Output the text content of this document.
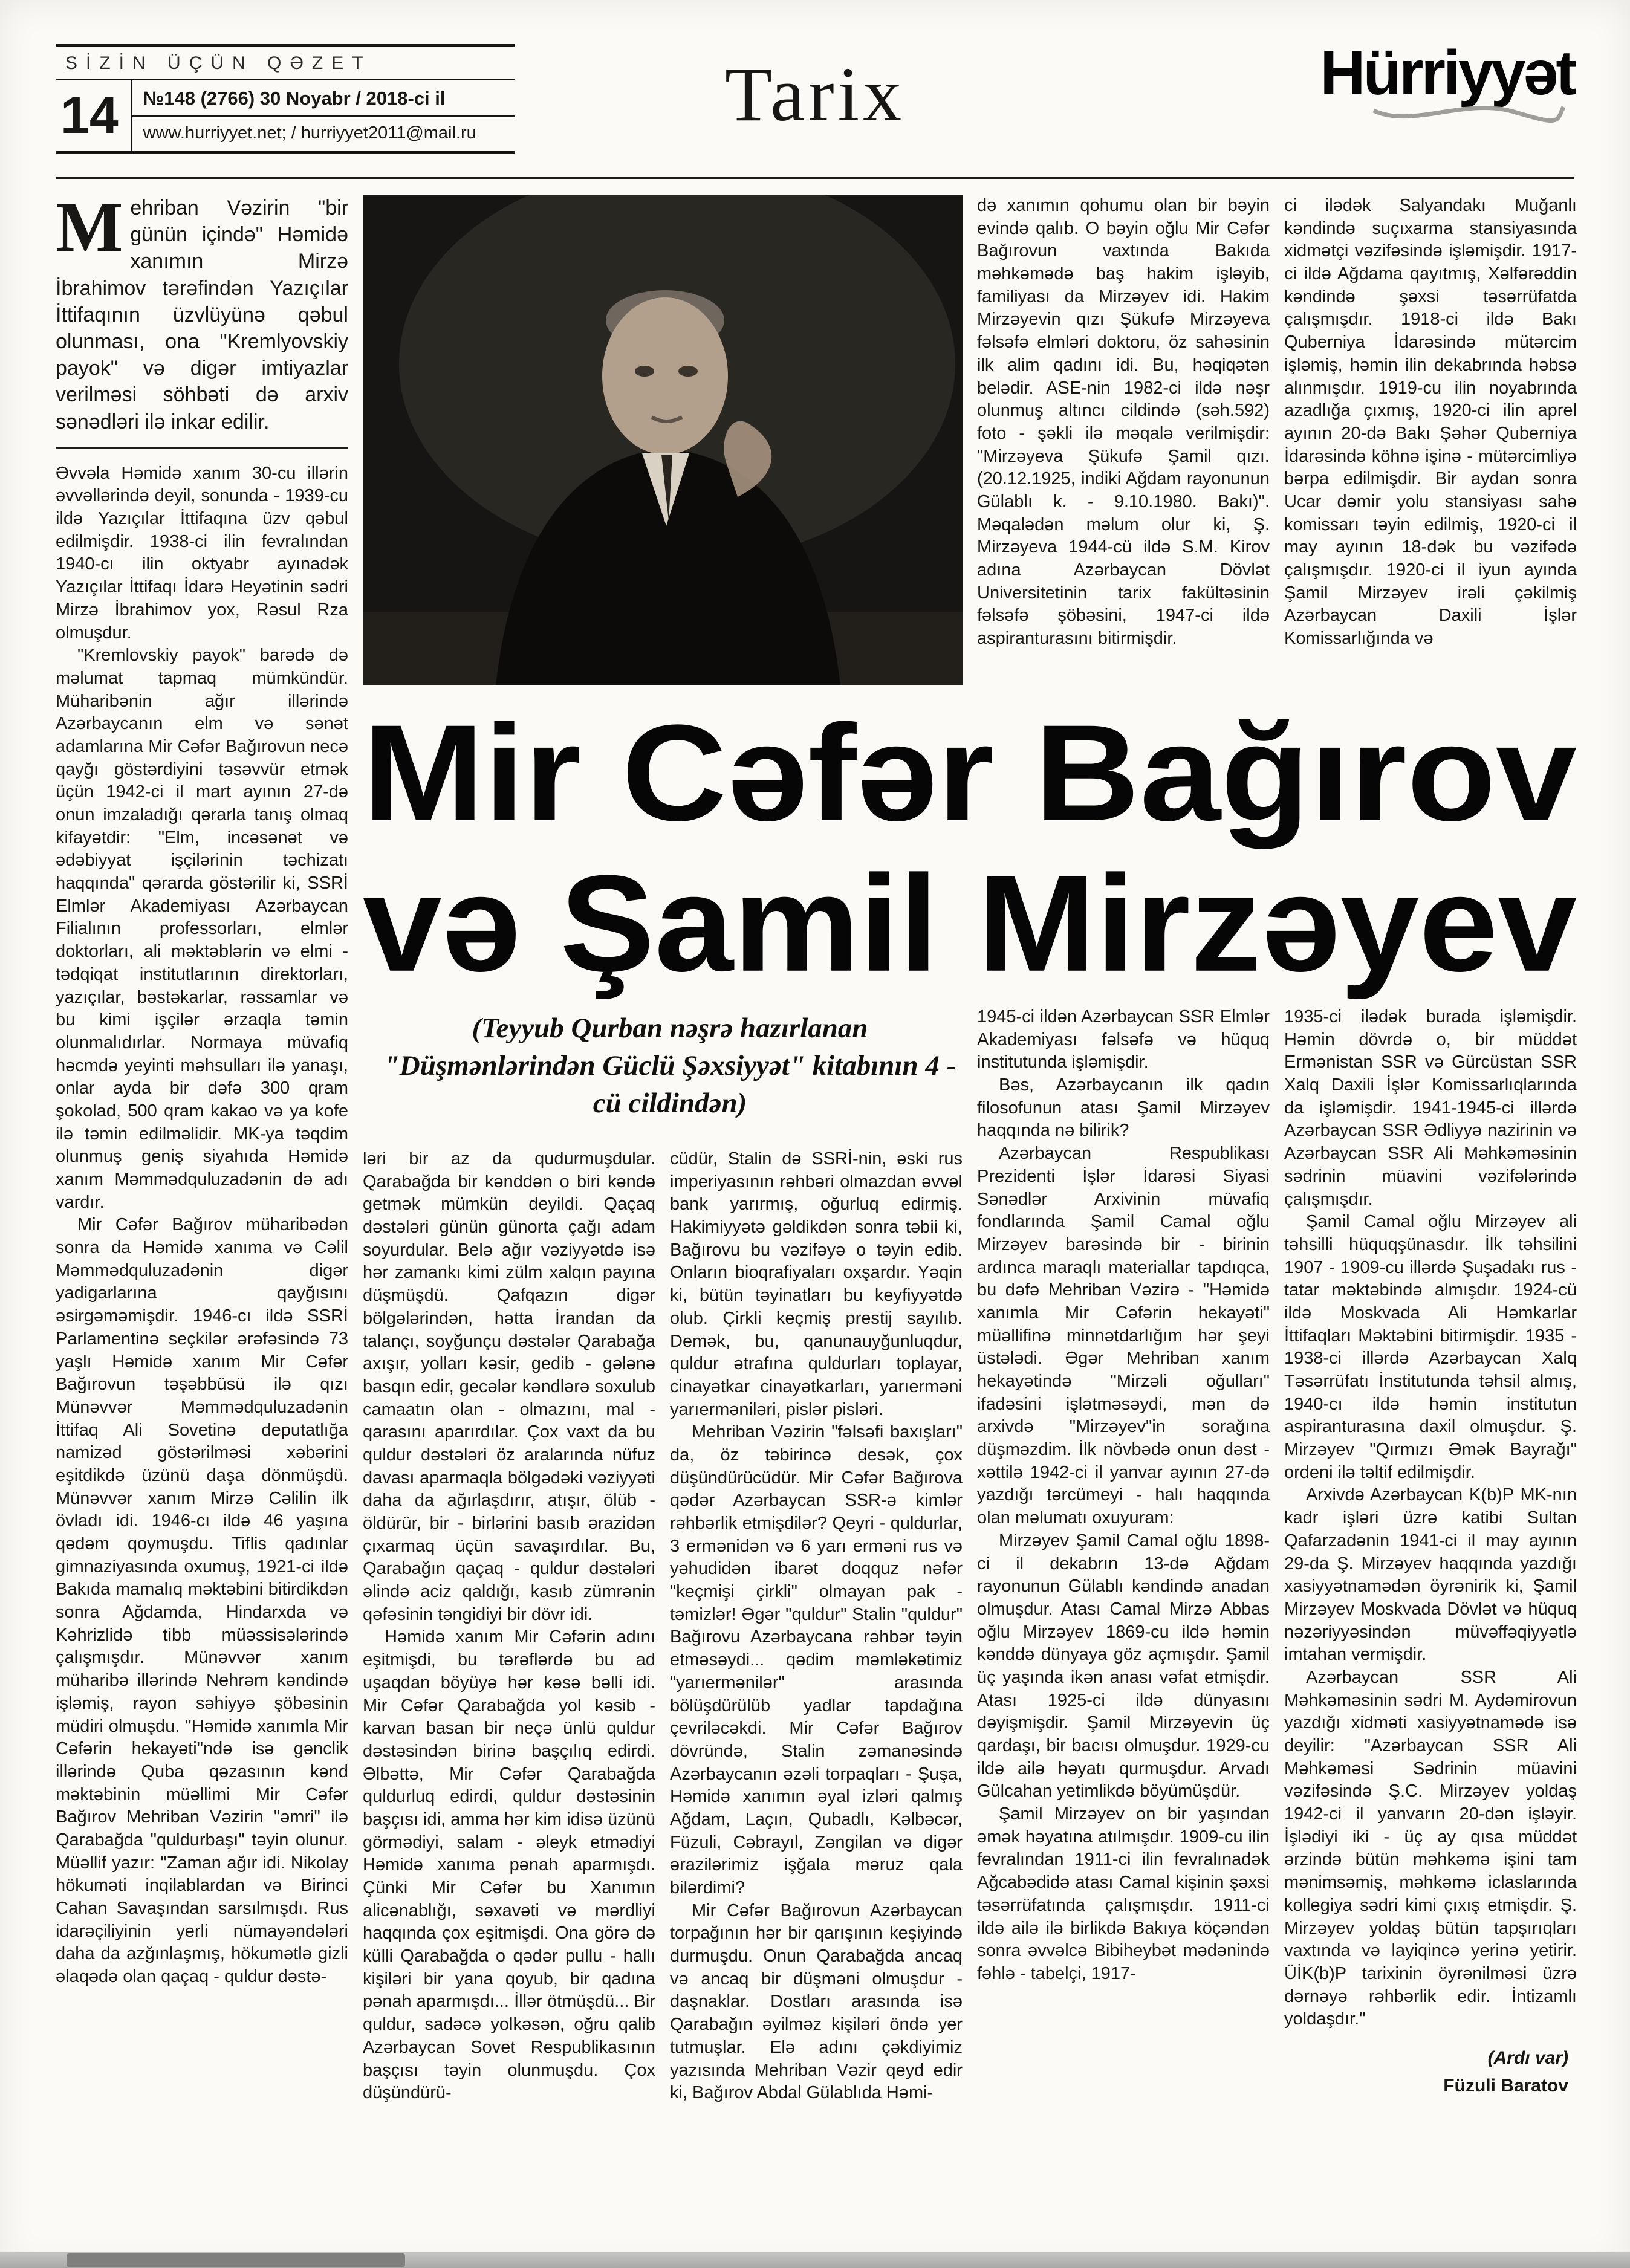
SİZİN ÜÇÜN QƏZET
14	№148 (2766) 30 Noyabr / 2018-ci il
www.hurriyyet.net; / hurriyyet2011@mail.ru	Tarix	Hürriyyət
Mehriban Vəzirin "bir günün içində" Həmidə xanımın Mirzə İbrahimov tərəfindən Yazıçılar İttifaqının üzvlüyünə qəbul olunması, ona "Kremlyovskiy payok" və digər imtiyazlar verilməsi söhbəti də arxiv sənədləri ilə inkar edilir.

Əvvəla Həmidə xanım 30-cu illərin əvvəllərində deyil, sonunda - 1939-cu ildə Yazıçılar İttifaqına üzv qəbul edilmişdir. 1938-ci ilin fevralından 1940-cı ilin oktyabr ayınadək Yazıçılar İttifaqı İdarə Heyətinin sədri Mirzə İbrahimov yox, Rəsul Rza olmuşdur.

"Kremlovskiy payok" barədə də məlumat tapmaq mümkündür. Müharibənin ağır illərində Azərbaycanın elm və sənət adamlarına Mir Cəfər Bağırovun necə qayğı göstərdiyini təsəvvür etmək üçün 1942-ci il mart ayının 27-də onun imzaladığı qərarla tanış olmaq kifayətdir: "Elm, incəsənət və ədəbiyyat işçilərinin təchizatı haqqında" qərarda göstərilir ki, SSRİ Elmlər Akademiyası Azərbaycan Filialının professorları, elmlər doktorları, ali məktəblərin və elmi - tədqiqat institutlarının direktorları, yazıçılar, bəstəkarlar, rəssamlar və bu kimi işçilər ərzaqla təmin olunmalıdırlar. Normaya müvafiq həcmdə yeyinti məhsulları ilə yanaşı, onlar ayda bir dəfə 300 qram şokolad, 500 qram kakao və ya kofe ilə təmin edilməlidir. MK-ya təqdim olunmuş geniş siyahıda Həmidə xanım Məmmədquluzadənin də adı vardır.

Mir Cəfər Bağırov müharibədən sonra da Həmidə xanıma və Cəlil Məmmədquluzadənin digər yadigarlarına qayğısını əsirgəməmişdir. 1946-cı ildə SSRİ Parlamentinə seçkilər ərəfəsində 73 yaşlı Həmidə xanım Mir Cəfər Bağırovun təşəbbüsü ilə qızı Münəvvər Məmmədquluzadənin İttifaq Ali Sovetinə deputatlığa namizəd göstərilməsi xəbərini eşitdikdə üzünü daşa dönmüşdü. Münəvvər xanım Mirzə Cəlilin ilk övladı idi. 1946-cı ildə 46 yaşına qədəm qoymuşdu. Tiflis qadınlar gimnaziyasında oxumuş, 1921-ci ildə Bakıda mamalıq məktəbini bitirdikdən sonra Ağdamda, Hindarxda və Kəhrizlidə tibb müəssisələrində çalışmışdır. Münəvvər xanım müharibə illərində Nehrəm kəndində işləmiş, rayon səhiyyə şöbəsinin müdiri olmuşdu. "Həmidə xanımla Mir Cəfərin hekayəti"ndə isə gənclik illərində Quba qəzasının kənd məktəbinin müəllimi Mir Cəfər Bağırov Mehriban Vəzirin "əmri" ilə Qarabağda "quldurbaşı" təyin olunur. Müəllif yazır: "Zaman ağır idi. Nikolay hökuməti inqilablardan və Birinci Cahan Savaşından sarsılmışdı. Rus idarəçiliyinin yerli nümayəndələri daha da azğınlaşmış, hökumətlə gizli əlaqədə olan qaçaq - quldur dəstə-

də xanımın qohumu olan bir bəyin evində qalıb. O bəyin oğlu Mir Cəfər Bağırovun vaxtında Bakıda məhkəmədə baş hakim işləyib, familiyası da Mirzəyev idi. Hakim Mirzəyevin qızı Şükufə Mirzəyeva fəlsəfə elmləri doktoru, öz sahəsinin ilk alim qadını idi. Bu, həqiqətən belədir. ASE-nin 1982-ci ildə nəşr olunmuş altıncı cildində (səh.592) foto - şəkli ilə məqalə verilmişdir: "Mirzəyeva Şükufə Şamil qızı. (20.12.1925, indiki Ağdam rayonunun Gülablı k. - 9.10.1980. Bakı)". Məqalədən məlum olur ki, Ş. Mirzəyeva 1944-cü ildə S.M. Kirov adına Azərbaycan Dövlət Universitetinin tarix fakültəsinin fəlsəfə şöbəsini, 1947-ci ildə aspiranturasını bitirmişdir.

ci ilədək Salyandakı Muğanlı kəndində suçıxarma stansiyasında xidmətçi vəzifəsində işləmişdir. 1917-ci ildə Ağdama qayıtmış, Xəlfərəddin kəndində şəxsi təsərrüfatda çalışmışdır. 1918-ci ildə Bakı Quberniya İdarəsində mütərcim işləmiş, həmin ilin dekabrında həbsə alınmışdır. 1919-cu ilin noyabrında azadlığa çıxmış, 1920-ci ilin aprel ayının 20-də Bakı Şəhər Quberniya İdarəsində köhnə işinə - mütərcimliyə bərpa edilmişdir. Bir aydan sonra Ucar dəmir yolu stansiyası sahə komissarı təyin edilmiş, 1920-ci il may ayının 18-dək bu vəzifədə çalışmışdır. 1920-ci il iyun ayında Şamil Mirzəyev irəli çəkilmiş Azərbaycan Daxili İşlər Komissarlığında və

Mir Cəfər Bağırov
və Şamil Mirzəyev
(Teyyub Qurban nəşrə hazırlanan "Düşmənlərindən Güclü Şəxsiyyət" kitabının 4 - cü cildindən)

1945-ci ildən Azərbaycan SSR Elmlər Akademiyası fəlsəfə və hüquq institutunda işləmişdir.

Bəs, Azərbaycanın ilk qadın filosofunun atası Şamil Mirzəyev haqqında nə bilirik?

Azərbaycan Respublikası Prezidenti İşlər İdarəsi Siyasi Sənədlər Arxivinin müvafiq fondlarında Şamil Camal oğlu Mirzəyev barəsində bir - birinin ardınca maraqlı materiallar tapdıqca, bu dəfə Mehriban Vəzirə - "Həmidə xanımla Mir Cəfərin hekayəti" müəllifinə minnətdarlığım hər şeyi üstələdi. Əgər Mehriban xanım hekayətində "Mirzəli oğulları" ifadəsini işlətməsəydi, mən də arxivdə "Mirzəyev"in sorağına düşməzdim. İlk növbədə onun dəst - xəttilə 1942-ci il yanvar ayının 27-də yazdığı tərcümeyi - halı haqqında olan məlumatı oxuyuram:

Mirzəyev Şamil Camal oğlu 1898-ci il dekabrın 13-də Ağdam rayonunun Gülablı kəndində anadan olmuşdur. Atası Camal Mirzə Abbas oğlu Mirzəyev 1869-cu ildə həmin kənddə dünyaya göz açmışdır. Şamil üç yaşında ikən anası vəfat etmişdir. Atası 1925-ci ildə dünyasını dəyişmişdir. Şamil Mirzəyevin üç qardaşı, bir bacısı olmuşdur. 1929-cu ildə ailə həyatı qurmuşdur. Arvadı Gülcahan yetimlikdə böyümüşdür.

Şamil Mirzəyev on bir yaşından əmək həyatına atılmışdır. 1909-cu ilin fevralından 1911-ci ilin fevralınadək Ağcabədidə atası Camal kişinin şəxsi təsərrüfatında çalışmışdır. 1911-ci ildə ailə ilə birlikdə Bakıya köçəndən sonra əvvəlcə Bibiheybət mədənində fəhlə - tabelçi, 1917-

1935-ci ilədək burada işləmişdir. Həmin dövrdə o, bir müddət Ermənistan SSR və Gürcüstan SSR Xalq Daxili İşlər Komissarlıqlarında da işləmişdir. 1941-1945-ci illərdə Azərbaycan SSR Ədliyyə nazirinin və Azərbaycan SSR Ali Məhkəməsinin sədrinin müavini vəzifələrində çalışmışdır.

Şamil Camal oğlu Mirzəyev ali təhsilli hüquqşünasdır. İlk təhsilini 1907 - 1909-cu illərdə Şuşadakı rus - tatar məktəbində almışdır. 1924-cü ildə Moskvada Ali Həmkarlar İttifaqları Məktəbini bitirmişdir. 1935 - 1938-ci illərdə Azərbaycan Xalq Təsərrüfatı İnstitutunda təhsil almış, 1940-cı ildə həmin institutun aspiranturasına daxil olmuşdur. Ş. Mirzəyev "Qırmızı Əmək Bayrağı" ordeni ilə təltif edilmişdir.

Arxivdə Azərbaycan K(b)P MK-nın kadr işləri üzrə katibi Sultan Qafarzadənin 1941-ci il may ayının 29-da Ş. Mirzəyev haqqında yazdığı xasiyyətnamədən öyrənirik ki, Şamil Mirzəyev Moskvada Dövlət və hüquq nəzəriyyəsindən müvəffəqiyyətlə imtahan vermişdir.

Azərbaycan SSR Ali Məhkəməsinin sədri M. Aydəmirovun yazdığı xidməti xasiyyətnamədə isə deyilir: "Azərbaycan SSR Ali Məhkəməsi Sədrinin müavini vəzifəsində Ş.C. Mirzəyev yoldaş 1942-ci il yanvarın 20-dən işləyir. İşlədiyi iki - üç ay qısa müddət ərzində bütün məhkəmə işini tam mənimsəmiş, məhkəmə iclaslarında kollegiya sədri kimi çıxış etmişdir. Ş. Mirzəyev yoldaş bütün tapşırıqları vaxtında və layiqincə yerinə yetirir. ÜİK(b)P tarixinin öyrənilməsi üzrə dərnəyə rəhbərlik edir. İntizamlı yoldaşdır."

(Ardı var)
Füzuli Baratov

ləri bir az da qudurmuşdular. Qarabağda bir kənddən o biri kəndə getmək mümkün deyildi. Qaçaq dəstələri günün günorta çağı adam soyurdular. Belə ağır vəziyyətdə isə hər zamankı kimi zülm xalqın payına düşmüşdü. Qafqazın digər bölgələrindən, hətta İrandan da talançı, soyğunçu dəstələr Qarabağa axışır, yolları kəsir, gedib - gələnə basqın edir, gecələr kəndlərə soxulub camaatın olan - olmazını, mal - qarasını aparırdılar. Çox vaxt da bu quldur dəstələri öz aralarında nüfuz davası aparmaqla bölgədəki vəziyyəti daha da ağırlaşdırır, atışır, ölüb - öldürür, bir - birlərini basıb ərazidən çıxarmaq üçün savaşırdılar. Bu, Qarabağın qaçaq - quldur dəstələri əlində aciz qaldığı, kasıb zümrənin qəfəsinin təngidiyi bir dövr idi.

Həmidə xanım Mir Cəfərin adını eşitmişdi, bu tərəflərdə bu ad uşaqdan böyüyə hər kəsə bəlli idi. Mir Cəfər Qarabağda yol kəsib - karvan basan bir neçə ünlü quldur dəstəsindən birinə başçılıq edirdi. Əlbəttə, Mir Cəfər Qarabağda quldurluq edirdi, quldur dəstəsinin başçısı idi, amma hər kim idisə üzünü görmədiyi, salam - əleyk etmədiyi Həmidə xanıma pənah aparmışdı. Çünki Mir Cəfər bu Xanımın alicənablığı, səxavəti və mərdliyi haqqında çox eşitmişdi. Ona görə də külli Qarabağda o qədər pullu - hallı kişiləri bir yana qoyub, bir qadına pənah aparmışdı... İllər ötmüşdü... Bir quldur, sadəcə yolkəsən, oğru qalib Azərbaycan Sovet Respublikasının başçısı təyin olunmuşdu. Çox düşündürü-

cüdür, Stalin də SSRİ-nin, əski rus imperiyasının rəhbəri olmazdan əvvəl bank yarırmış, oğurluq edirmiş. Hakimiyyətə gəldikdən sonra təbii ki, Bağırovu bu vəzifəyə o təyin edib. Onların bioqrafiyaları oxşardır. Yəqin ki, bütün təyinatları bu keyfiyyətdə olub. Çirkli keçmiş prestij sayılıb. Demək, bu, qanunauyğunluqdur, quldur ətrafına quldurları toplayar, cinayətkar cinayətkarları, yarıerməni yarıerməniləri, pislər pisləri.

Mehriban Vəzirin "fəlsəfi baxışları" da, öz təbirincə desək, çox düşündürücüdür. Mir Cəfər Bağırova qədər Azərbaycan SSR-ə kimlər rəhbərlik etmişdilər? Qeyri - quldurlar, 3 ermənidən və 6 yarı erməni rus və yəhudidən ibarət doqquz nəfər "keçmişi çirkli" olmayan pak - təmizlər! Əgər "quldur" Stalin "quldur" Bağırovu Azərbaycana rəhbər təyin etməsəydi... qədim məmləkətimiz "yarıermənilər" arasında bölüşdürülüb yadlar tapdağına çevriləcəkdi. Mir Cəfər Bağırov dövründə, Stalin zəmanəsində Azərbaycanın əzəli torpaqları - Şuşa, Həmidə xanımın əyal izləri qalmış Ağdam, Laçın, Qubadlı, Kəlbəcər, Füzuli, Cəbrayıl, Zəngilan və digər ərazilərimiz işğala məruz qala bilərdimi?

Mir Cəfər Bağırovun Azərbaycan torpağının hər bir qarışının keşiyində durmuşdu. Onun Qarabağda ancaq və ancaq bir düşməni olmuşdur - daşnaklar. Dostları arasında isə Qarabağın əyilməz kişiləri öndə yer tutmuşlar. Elə adını çəkdiyimiz yazısında Mehriban Vəzir qeyd edir ki, Bağırov Abdal Gülablıda Həmi-
